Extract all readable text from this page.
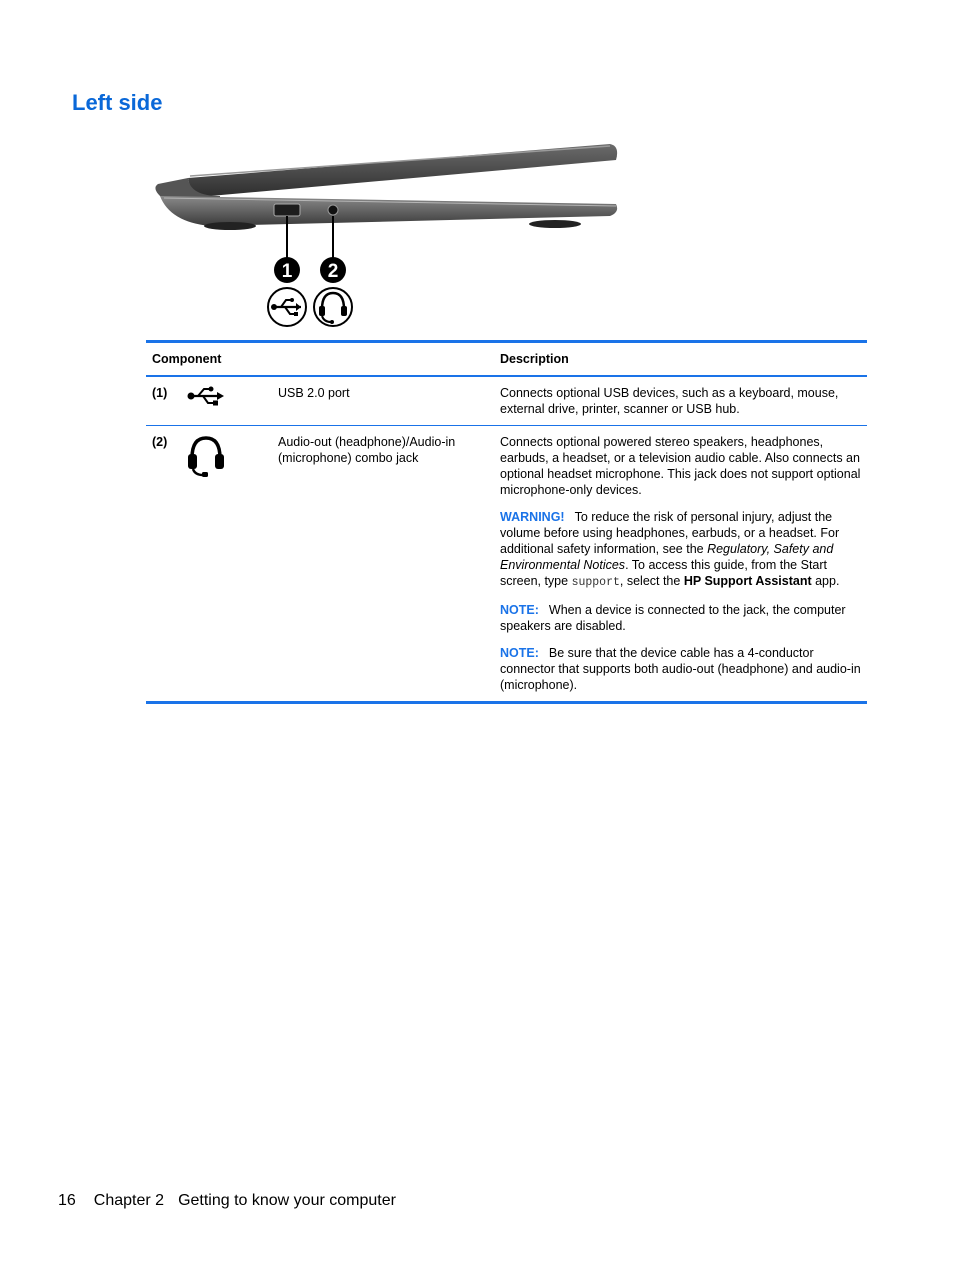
Left side
1 2
Component			Description
(1)		USB 2.0 port	Connects optional USB devices, such as a keyboard, mouse, external drive, printer, scanner or USB hub.
(2)		Audio-out (headphone)/Audio-in (microphone) combo jack	Connects optional powered stereo speakers, headphones, earbuds, a headset, or a television audio cable. Also connects an optional headset microphone. This jack does not support optional microphone-only devices.

WARNING! To reduce the risk of personal injury, adjust the volume before using headphones, earbuds, or a headset. For additional safety information, see the Regulatory, Safety and Environmental Notices. To access this guide, from the Start screen, type support, select the HP Support Assistant app.

NOTE: When a device is connected to the jack, the computer speakers are disabled.

NOTE: Be sure that the device cable has a 4-conductor connector that supports both audio-out (headphone) and audio-in (microphone).

16 Chapter 2 Getting to know your computer
